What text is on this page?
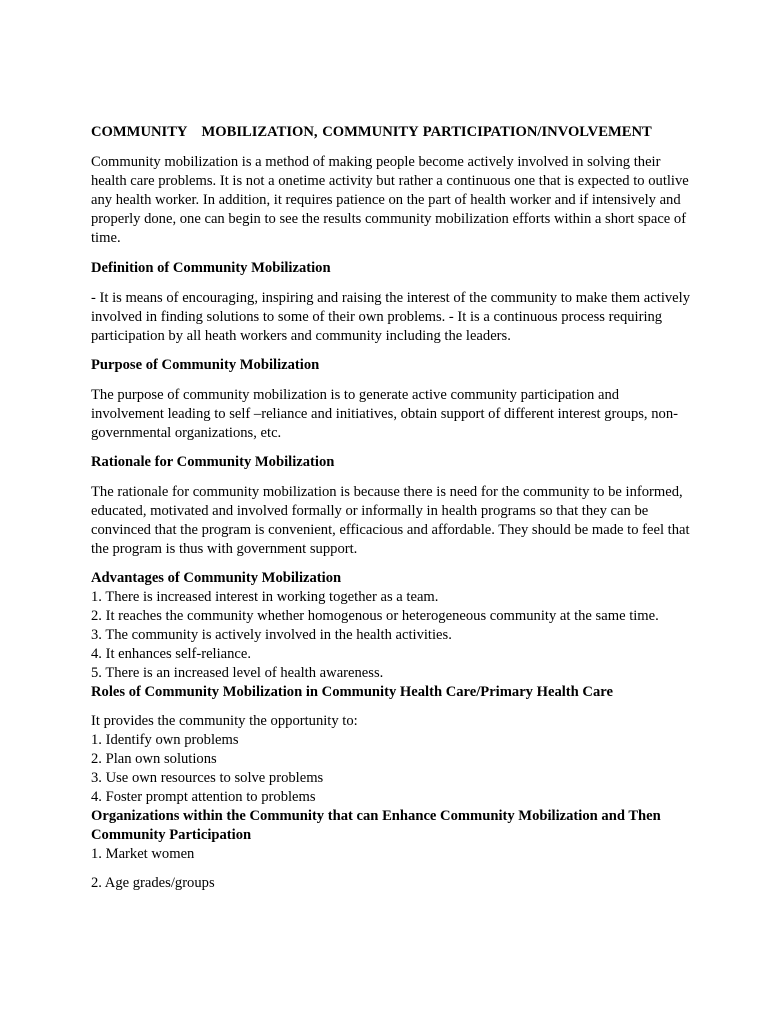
COMMUNITY MOBILIZATION, COMMUNITY PARTICIPATION/INVOLVEMENT

Community mobilization is a method of making people become actively involved in solving their health care problems. It is not a onetime activity but rather a continuous one that is expected to outlive any health worker. In addition, it requires patience on the part of health worker and if intensively and properly done, one can begin to see the results community mobilization efforts within a short space of time.

Definition of Community Mobilization

- It is means of encouraging, inspiring and raising the interest of the community to make them actively involved in finding solutions to some of their own problems. - It is a continuous process requiring participation by all heath workers and community including the leaders.

Purpose of Community Mobilization

The purpose of community mobilization is to generate active community participation and involvement leading to self –reliance and initiatives, obtain support of different interest groups, non-governmental organizations, etc.

Rationale for Community Mobilization

The rationale for community mobilization is because there is need for the community to be informed, educated, motivated and involved formally or informally in health programs so that they can be convinced that the program is convenient, efficacious and affordable. They should be made to feel that the program is thus with government support.

Advantages of Community Mobilization
1. There is increased interest in working together as a team.
2. It reaches the community whether homogenous or heterogeneous community at the same time.
3. The community is actively involved in the health activities.
4. It enhances self-reliance.
5. There is an increased level of health awareness.
Roles of Community Mobilization in Community Health Care/Primary Health Care

It provides the community the opportunity to:

1. Identify own problems
2. Plan own solutions
3. Use own resources to solve problems
4. Foster prompt attention to problems
Organizations within the Community that can Enhance Community Mobilization and Then Community Participation
1. Market women
2. Age grades/groups
